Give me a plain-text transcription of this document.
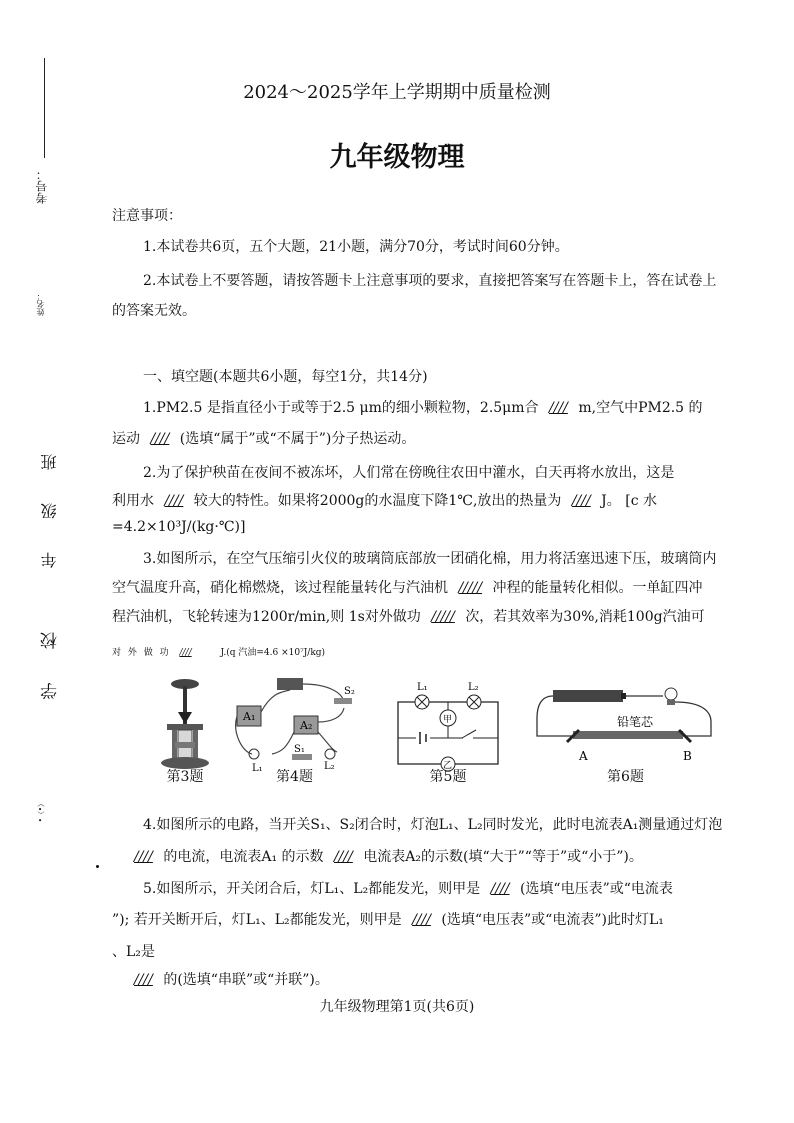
考号：
姓名：
年 级 班
学 校
•（•）
2024～2025学年上学期期中质量检测
九年级物理
注意事项：
1.本试卷共6页，五个大题，21小题，满分70分，考试时间60分钟。
2.本试卷上不要答题，请按答题卡上注意事项的要求，直接把答案写在答题卡上，答在试卷上
的答案无效。
一、填空题(本题共6小题，每空1分，共14分)
1.PM2.5 是指直径小于或等于2.5 μm的细小颗粒物，2.5μm合 //// m,空气中PM2.5 的
运动 //// (选填“属于”或“不属于”)分子热运动。
2.为了保护秧苗在夜间不被冻坏，人们常在傍晚往农田中灌水，白天再将水放出，这是
利用水 //// 较大的特性。如果将2000g的水温度下降1℃,放出的热量为 //// J。 [c 水
=4.2×10³J/(kg·℃)]
3.如图所示，在空气压缩引火仪的玻璃筒底部放一团硝化棉，用力将活塞迅速下压，玻璃筒内
空气温度升高，硝化棉燃烧，该过程能量转化与汽油机 ///// 冲程的能量转化相似。一单缸四冲
程汽油机，飞轮转速为1200r/min,则 1s对外做功 ///// 次，若其效率为30%,消耗100g汽油可
对 外 做 功 ////	J.(q 汽油=4.6 ×10⁷J/kg)
第3题
A₁
A₂
S₂
S₁
L₁	L₂
第4题
L₁	L₂
甲
乙
第5题
铅笔芯
A	B
第6题
4.如图所示的电路，当开关S₁、S₂闭合时，灯泡L₁、L₂同时发光，此时电流表A₁测量通过灯泡
//// 的电流，电流表A₁ 的示数 //// 电流表A₂的示数(填“大于”“等于”或“小于”)。
5.如图所示，开关闭合后，灯L₁、L₂都能发光，则甲是 //// (选填“电压表”或“电流表
”); 若开关断开后，灯L₁、L₂都能发光，则甲是 //// (选填“电压表”或“电流表”)此时灯L₁
、L₂是
//// 的(选填“串联”或“并联”)。
九年级物理第1页(共6页)
